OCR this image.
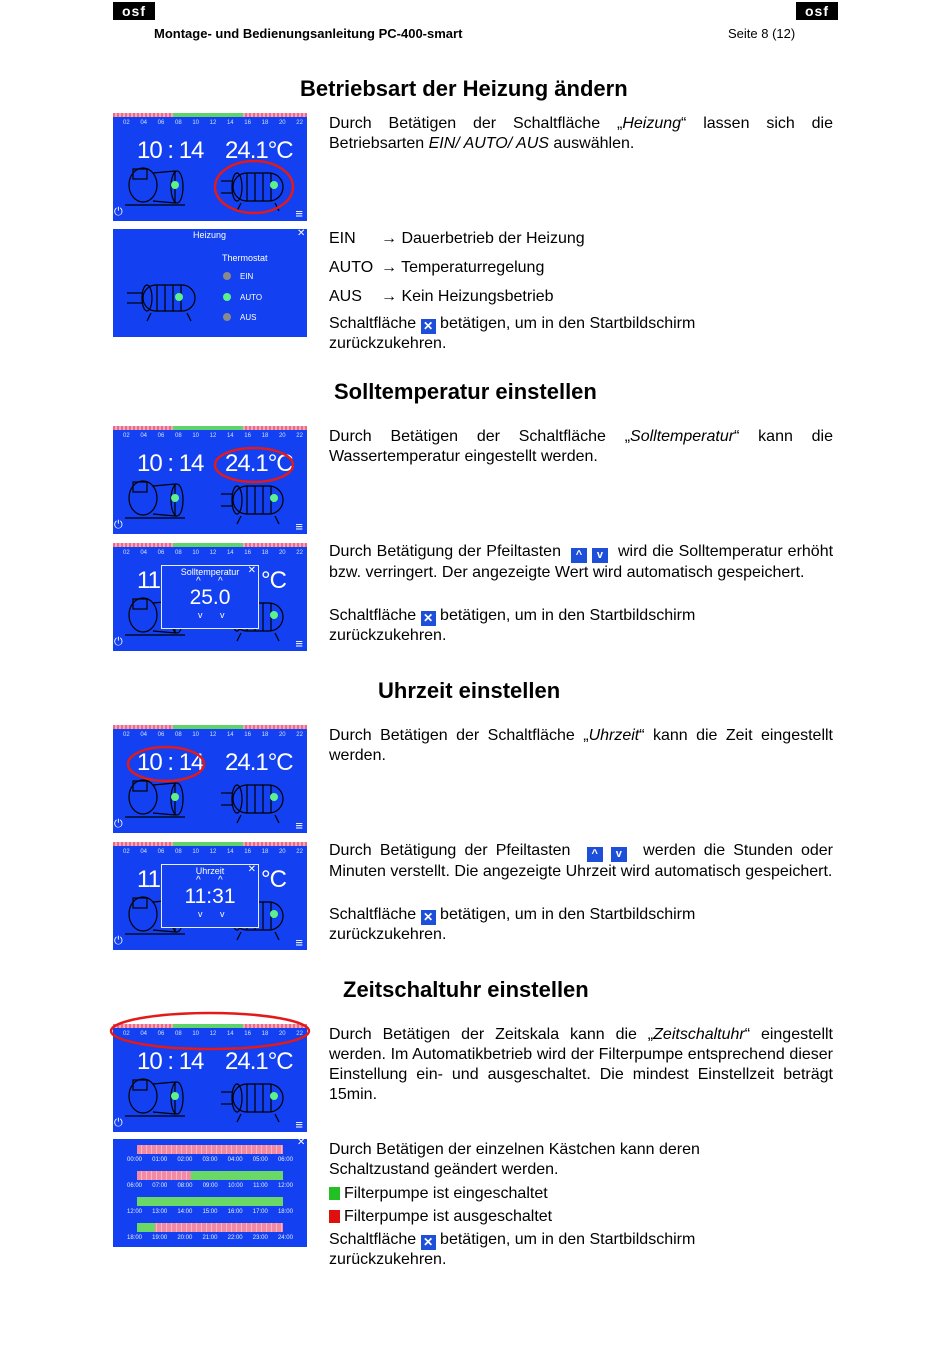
osf	osf
Montage- und Bedienungsanleitung PC-400-smart	Seite 8 (12)
Betriebsart der Heizung ändern
02 04 06 08 10 12 14 16 18 20 22
10 : 14 24.1°C
⏻	≡
Durch Betätigen der Schaltfläche „Heizung“ lassen sich die Betriebsarten EIN/ AUTO/ AUS auswählen.
Heizung	✕
Thermostat
EIN
AUTO
AUS
EIN → Dauerbetrieb der Heizung
AUTO → Temperaturregelung
AUS → Kein Heizungsbetrieb
Schaltfläche ✕ betätigen, um in den Startbildschirm
zurückzukehren.
Solltemperatur einstellen
02 04 06 08 10 12 14 16 18 20 22
10 : 14 24.1°C
⏻	≡
Durch Betätigen der Schaltfläche „Solltemperatur“ kann die Wassertemperatur eingestellt werden.
02 04 06 08 10 12 14 16 18 20 22
11	°C
⏻	≡
Solltemperatur ✕
^ ^
25.0
v v
Durch Betätigung der Pfeiltasten ^ v wird die Solltemperatur erhöht bzw. verringert. Der angezeigte Wert wird automatisch gespeichert.
Schaltfläche ✕ betätigen, um in den Startbildschirm
zurückzukehren.
Uhrzeit einstellen
02 04 06 08 10 12 14 16 18 20 22
10 : 14 24.1°C
⏻	≡
Durch Betätigen der Schaltfläche „Uhrzeit“ kann die Zeit eingestellt werden.
02 04 06 08 10 12 14 16 18 20 22
11	°C
⏻	≡
Uhrzeit	✕
^ ^
11:31
v v
Durch Betätigung der Pfeiltasten ^ v werden die Stunden oder Minuten verstellt. Die angezeigte Uhrzeit wird automatisch gespeichert.
Schaltfläche ✕ betätigen, um in den Startbildschirm
zurückzukehren.
Zeitschaltuhr einstellen
02 04 06 08 10 12 14 16 18 20 22
10 : 14 24.1°C
⏻	≡
Durch Betätigen der Zeitskala kann die „Zeitschaltuhr“ eingestellt werden. Im Automatikbetrieb wird der Filterpumpe entsprechend dieser Einstellung ein- und ausgeschaltet. Die mindest Einstellzeit beträgt 15min.
✕
00:00 01:00 02:00 03:00 04:00 05:00 06:00
06:00 07:00 08:00 09:00 10:00 11:00 12:00
12:00 13:00 14:00 15:00 16:00 17:00 18:00
18:00 19:00 20:00 21:00 22:00 23:00 24:00
Durch Betätigen der einzelnen Kästchen kann deren Schaltzustand geändert werden.
Filterpumpe ist eingeschaltet
Filterpumpe ist ausgeschaltet
Schaltfläche ✕ betätigen, um in den Startbildschirm
zurückzukehren.
